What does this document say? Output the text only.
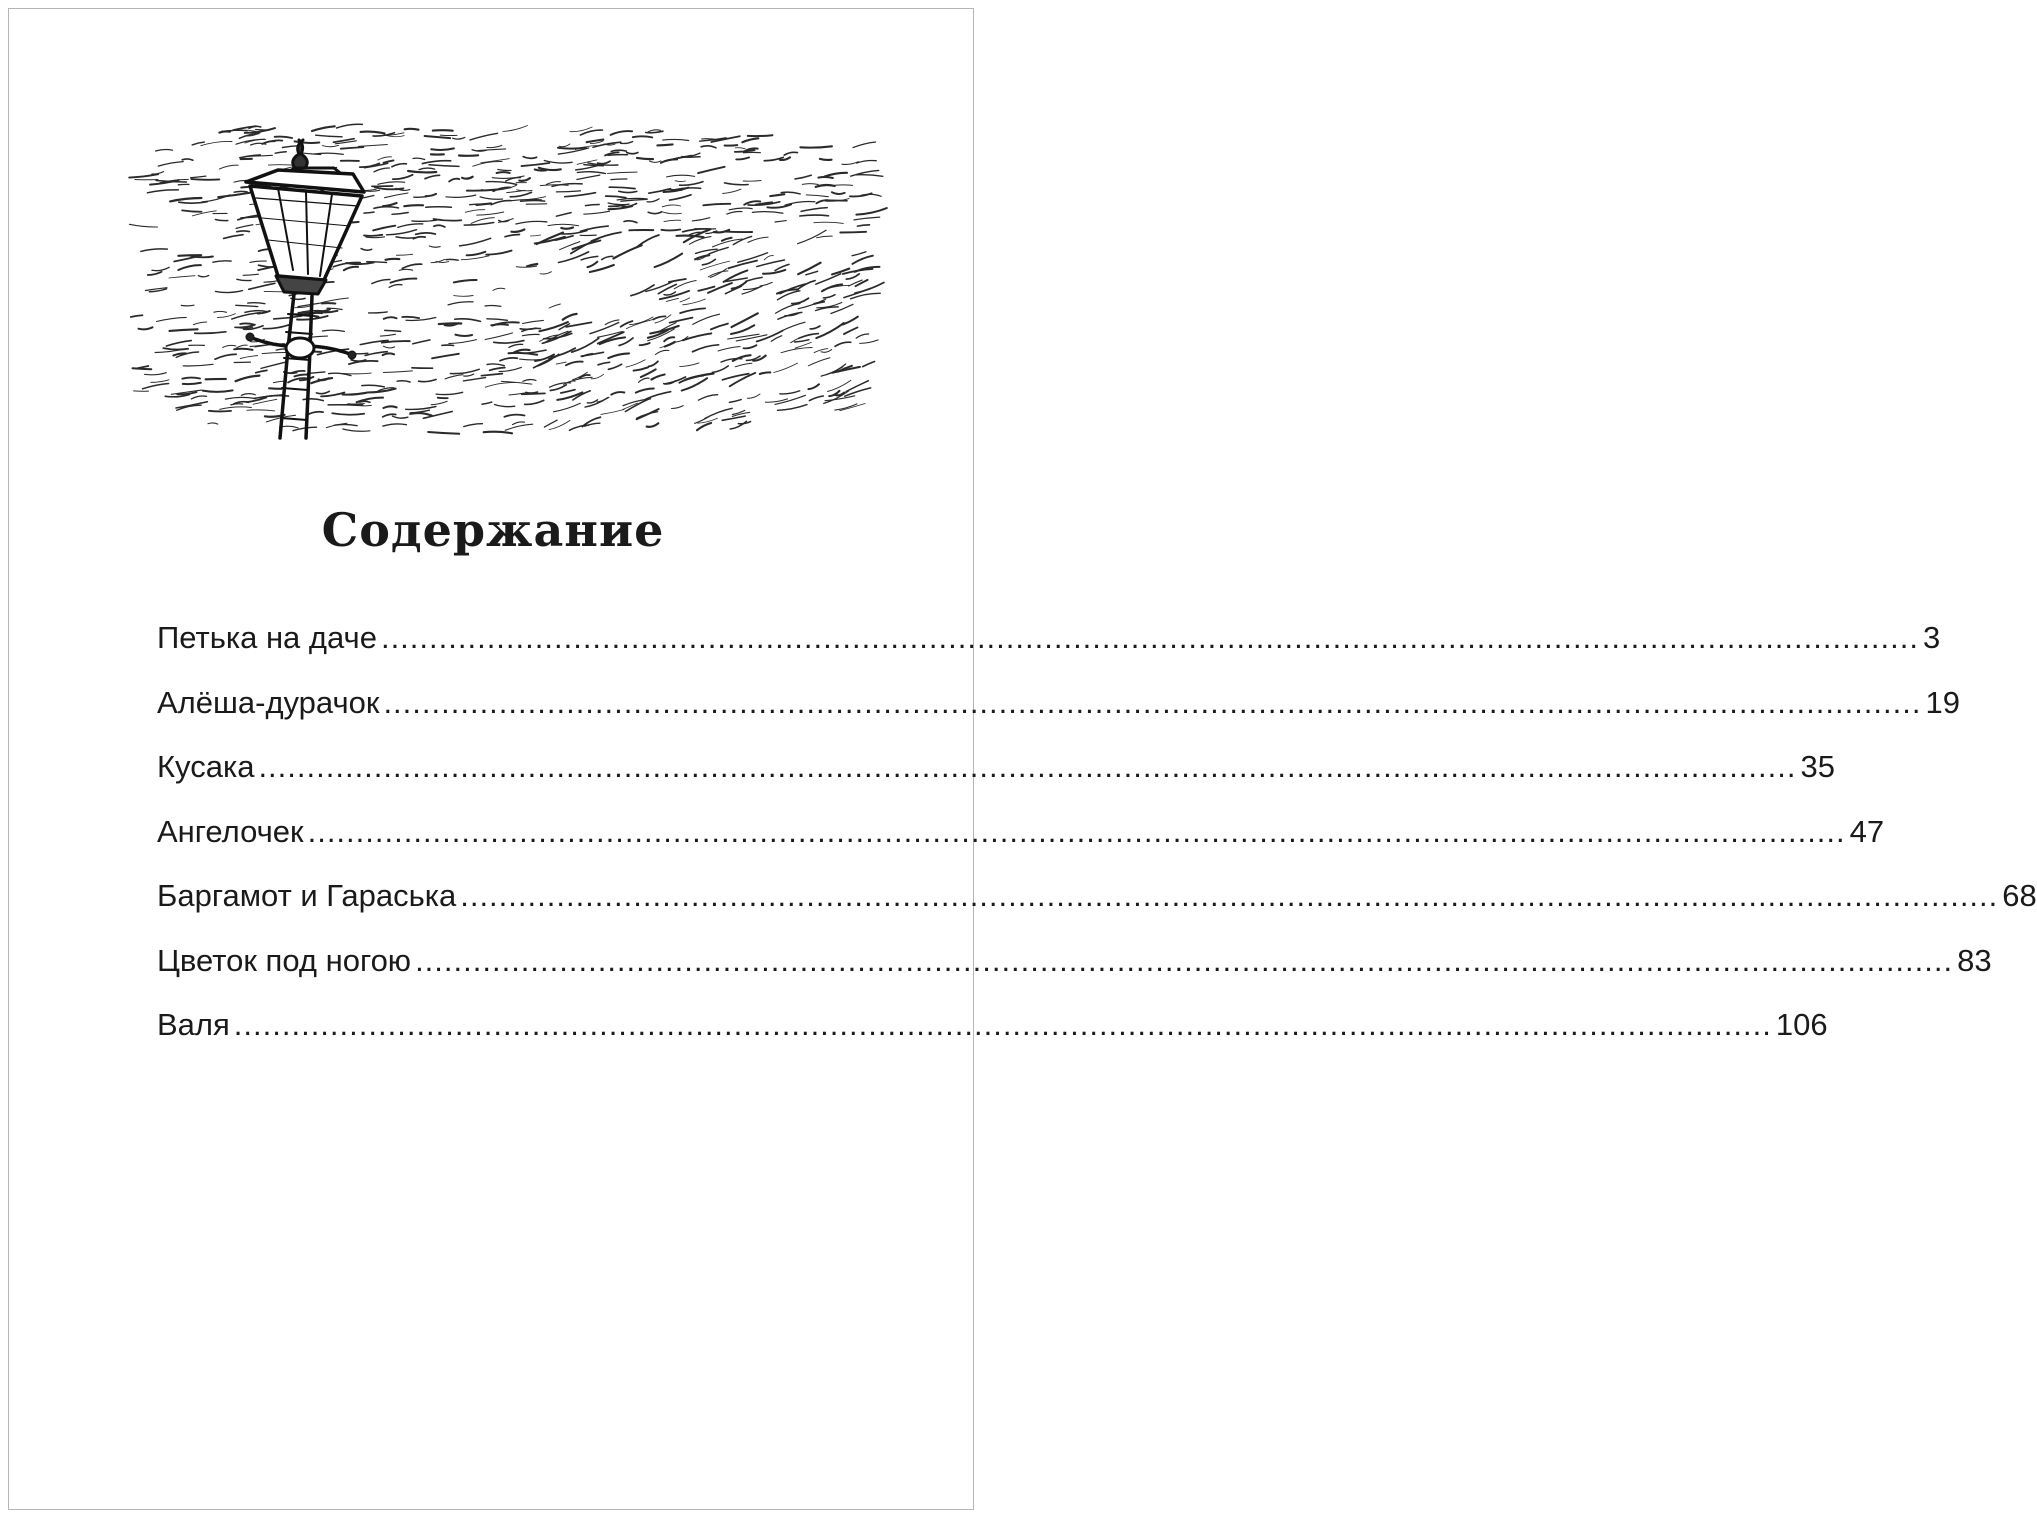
Содержание
Петька на даче ................................................................................................................................................................ 3
Алёша-дурачок ................................................................................................................................................................ 19
Кусака ................................................................................................................................................................ 35
Ангелочек ................................................................................................................................................................ 47
Баргамот и Гараська ................................................................................................................................................................ 68
Цветок под ногою ................................................................................................................................................................ 83
Валя ................................................................................................................................................................ 106
